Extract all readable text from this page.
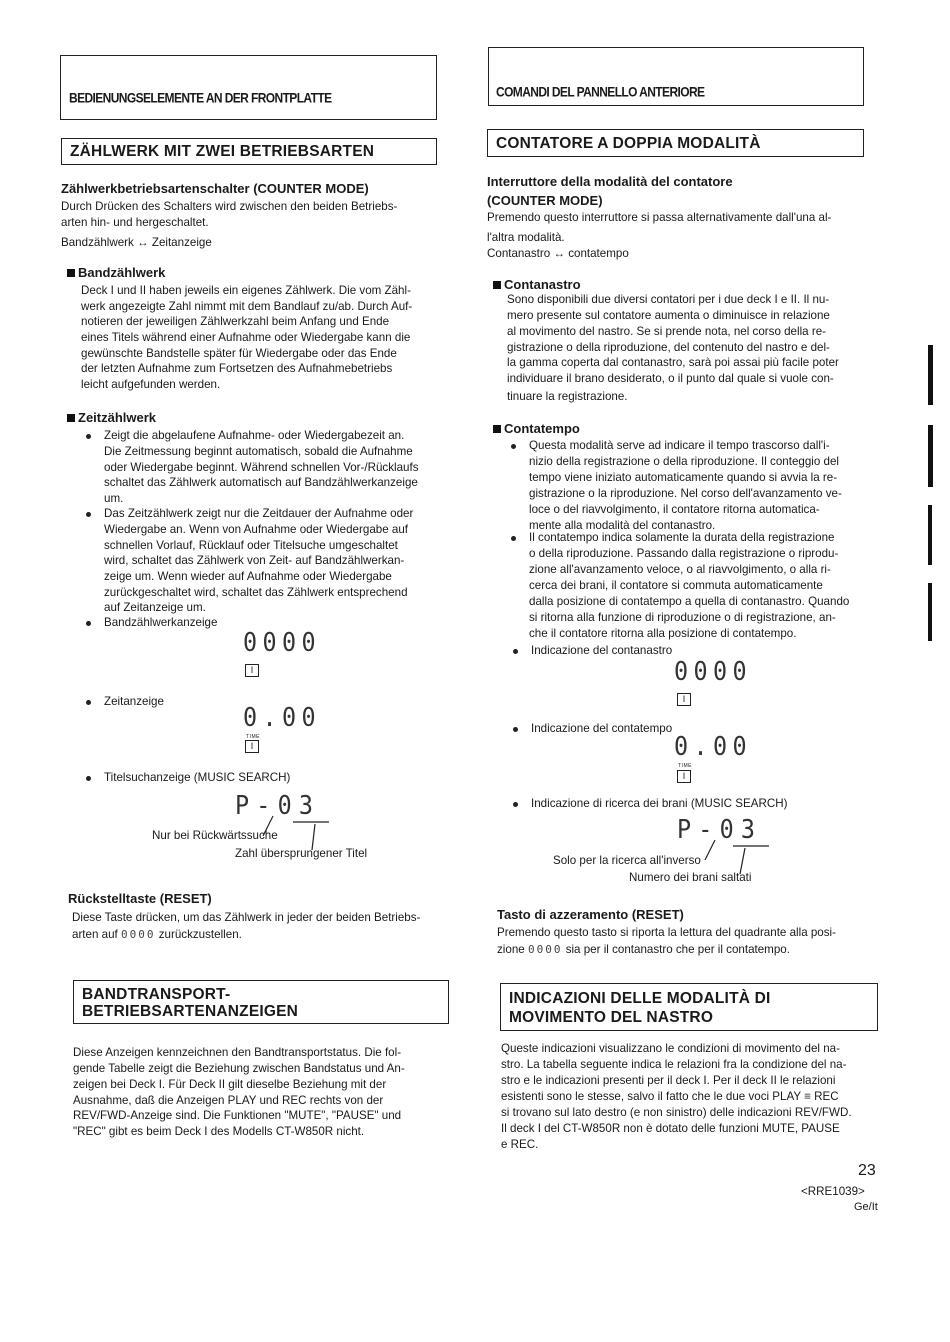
BEDIENUNGSELEMENTE AN DER FRONTPLATTE
ZÄHLWERK MIT ZWEI BETRIEBSARTEN
Zählwerkbetriebsartenschalter (COUNTER MODE)
Durch Drücken des Schalters wird zwischen den beiden Betriebs-
arten hin- und hergeschaltet.
Bandzählwerk ↔ Zeitanzeige
Bandzählwerk
Deck I und II haben jeweils ein eigenes Zählwerk. Die vom Zähl-
werk angezeigte Zahl nimmt mit dem Bandlauf zu/ab. Durch Auf-
notieren der jeweiligen Zählwerkzahl beim Anfang und Ende
eines Titels während einer Aufnahme oder Wiedergabe kann die
gewünschte Bandstelle später für Wiedergabe oder das Ende
der letzten Aufnahme zum Fortsetzen des Aufnahmebetriebs
leicht aufgefunden werden.
Zeitzählwerk
Zeigt die abgelaufene Aufnahme- oder Wiedergabezeit an.
Die Zeitmessung beginnt automatisch, sobald die Aufnahme
oder Wiedergabe beginnt. Während schnellen Vor-/Rücklaufs
schaltet das Zählwerk automatisch auf Bandzählwerkanzeige
um.
Das Zeitzählwerk zeigt nur die Zeitdauer der Aufnahme oder
Wiedergabe an. Wenn von Aufnahme oder Wiedergabe auf
schnellen Vorlauf, Rücklauf oder Titelsuche umgeschaltet
wird, schaltet das Zählwerk von Zeit- auf Bandzählwerkan-
zeige um. Wenn wieder auf Aufnahme oder Wiedergabe
zurückgeschaltet wird, schaltet das Zählwerk entsprechend
auf Zeitanzeige um.
Bandzählwerkanzeige
0000
I
Zeitanzeige
0.00
TIME
I
Titelsuchanzeige (MUSIC SEARCH)
P-03
Nur bei Rückwärtssuche
Zahl übersprungener Titel
Rückstelltaste (RESET)
Diese Taste drücken, um das Zählwerk in jeder der beiden Betriebs-
arten auf 0000 zurückzustellen.
BANDTRANSPORT-
BETRIEBSARTENANZEIGEN
Diese Anzeigen kennzeichnen den Bandtransportstatus. Die fol-
gende Tabelle zeigt die Beziehung zwischen Bandstatus und An-
zeigen bei Deck I. Für Deck II gilt dieselbe Beziehung mit der
Ausnahme, daß die Anzeigen PLAY und REC rechts von der
REV/FWD-Anzeige sind. Die Funktionen "MUTE", "PAUSE" und
"REC" gibt es beim Deck I des Modells CT-W850R nicht.
COMANDI DEL PANNELLO ANTERIORE
CONTATORE A DOPPIA MODALITÀ
Interruttore della modalità del contatore
(COUNTER MODE)
Premendo questo interruttore si passa alternativamente dall'una al-
l'altra modalità.
Contanastro ↔ contatempo
Contanastro
Sono disponibili due diversi contatori per i due deck I e II. Il nu-
mero presente sul contatore aumenta o diminuisce in relazione
al movimento del nastro. Se si prende nota, nel corso della re-
gistrazione o della riproduzione, del contenuto del nastro e del-
la gamma coperta dal contanastro, sarà poi assai più facile poter
individuare il brano desiderato, o il punto dal quale si vuole con-
tinuare la registrazione.
Contatempo
Questa modalità serve ad indicare il tempo trascorso dall'i-
nizio della registrazione o della riproduzione. Il conteggio del
tempo viene iniziato automaticamente quando si avvia la re-
gistrazione o la riproduzione. Nel corso dell'avanzamento ve-
loce o del riavvolgimento, il contatore ritorna automatica-
mente alla modalità del contanastro.
Il contatempo indica solamente la durata della registrazione
o della riproduzione. Passando dalla registrazione o riprodu-
zione all'avanzamento veloce, o al riavvolgimento, o alla ri-
cerca dei brani, il contatore si commuta automaticamente
dalla posizione di contatempo a quella di contanastro. Quando
si ritorna alla funzione di riproduzione o di registrazione, an-
che il contatore ritorna alla posizione di contatempo.
Indicazione del contanastro
0000
I
Indicazione del contatempo
0.00
TIME
I
Indicazione di ricerca dei brani (MUSIC SEARCH)
P-03
Solo per la ricerca all'inverso
Numero dei brani saltati
Tasto di azzeramento (RESET)
Premendo questo tasto si riporta la lettura del quadrante alla posi-
zione 0000 sia per il contanastro che per il contatempo.
INDICAZIONI DELLE MODALITÀ DI
MOVIMENTO DEL NASTRO
Queste indicazioni visualizzano le condizioni di movimento del na-
stro. La tabella seguente indica le relazioni fra la condizione del na-
stro e le indicazioni presenti per il deck I. Per il deck II le relazioni
esistenti sono le stesse, salvo il fatto che le due voci PLAY ≡ REC
si trovano sul lato destro (e non sinistro) delle indicazioni REV/FWD.
Il deck I del CT-W850R non è dotato delle funzioni MUTE, PAUSE
e REC.
23
<RRE1039>
Ge/It
